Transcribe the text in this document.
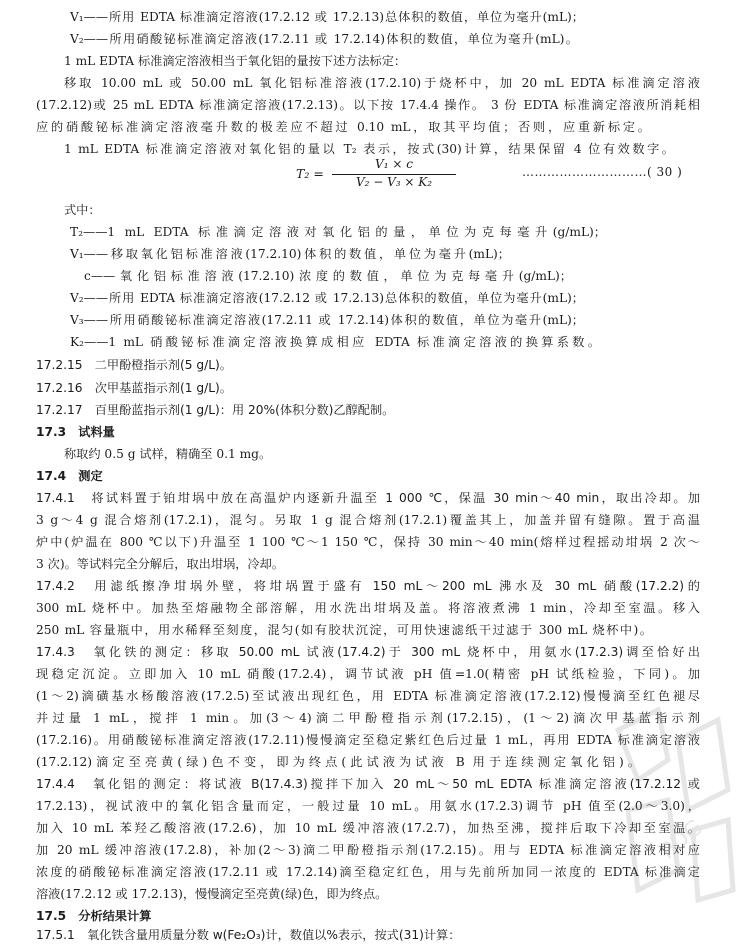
V₁——所用 EDTA 标准滴定溶液(17.2.12 或 17.2.13)总体积的数值，单位为毫升(mL)；
V₂——所用硝酸铋标准滴定溶液(17.2.11 或 17.2.14)体积的数值，单位为毫升(mL)。
1 mL EDTA 标准滴定溶液相当于氧化铝的量按下述方法标定：
移取 10.00 mL 或 50.00 mL 氧化铝标准溶液(17.2.10)于烧杯中，加 20 mL EDTA 标准滴定溶液
(17.2.12)或 25 mL EDTA 标准滴定溶液(17.2.13)。以下按 17.4.4 操作。 3 份 EDTA 标准滴定溶液所消耗相
应的硝酸铋标准滴定溶液毫升数的极差应不超过 0.10 mL，取其平均值；否则，应重新标定。
1 mL EDTA 标准滴定溶液对氧化铝的量以 T₂ 表示，按式(30)计算，结果保留 4 位有效数字。
T₂ =
V₁ × c
V₂ − V₃ × K₂
…………………………( 30 )
式中：
T₂——1 mL EDTA 标准滴定溶液对氧化铝的量，单位为克每毫升(g/mL)；
V₁——移取氧化铝标准溶液(17.2.10)体积的数值，单位为毫升(mL)；
c——氧化铝标准溶液(17.2.10)浓度的数值，单位为克每毫升(g/mL)；
V₂——所用 EDTA 标准滴定溶液(17.2.12 或 17.2.13)总体积的数值，单位为毫升(mL)；
V₃——所用硝酸铋标准滴定溶液(17.2.11 或 17.2.14)体积的数值，单位为毫升(mL)；
K₂——1 mL 硝酸铋标准滴定溶液换算成相应 EDTA 标准滴定溶液的换算系数。
17.2.15　二甲酚橙指示剂(5 g/L)。
17.2.16　次甲基蓝指示剂(1 g/L)。
17.2.17　百里酚蓝指示剂(1 g/L)：用 20%(体积分数)乙醇配制。
17.3　试料量
称取约 0.5 g 试样，精确至 0.1 mg。
17.4　测定
17.4.1　将试料置于铂坩埚中放在高温炉内逐新升温至 1 000 ℃，保温 30 min～40 min，取出冷却。加
3 g～4 g 混合熔剂(17.2.1)，混匀。另取 1 g 混合熔剂(17.2.1)覆盖其上，加盖并留有缝隙。置于高温
炉中(炉温在 800 ℃以下)升温至 1 100 ℃～1 150 ℃，保持 30 min～40 min(熔样过程摇动坩埚 2 次～
3 次)。等试料完全分解后，取出坩埚，冷却。
17.4.2　用滤纸擦净坩埚外壁，将坩埚置于盛有 150 mL～200 mL 沸水及 30 mL 硝酸(17.2.2)的
300 mL 烧杯中。加热至熔融物全部溶解，用水洗出坩埚及盖。将溶液煮沸 1 min，冷却至室温。移入
250 mL 容量瓶中，用水稀释至刻度，混匀(如有胶状沉淀，可用快速滤纸干过滤于 300 mL 烧杯中)。
17.4.3　氧化铁的测定：移取 50.00 mL 试液(17.4.2)于 300 mL 烧杯中，用氨水(17.2.3)调至恰好出
现稳定沉淀。立即加入 10 mL 硝酸(17.2.4)，调节试液 pH 值=1.0(精密 pH 试纸检验，下同)。加
(1～2)滴磺基水杨酸溶液(17.2.5)至试液出现红色，用 EDTA 标准滴定溶液(17.2.12)慢慢滴至红色褪尽
并过量 1 mL，搅拌 1 min。加(3～4)滴二甲酚橙指示剂(17.2.15)，(1～2)滴次甲基蓝指示剂
(17.2.16)。用硝酸铋标准滴定溶液(17.2.11)慢慢滴定至稳定紫红色后过量 1 mL，再用 EDTA 标准滴定溶液
(17.2.12)滴定至亮黄(绿)色不变，即为终点(此试液为试液 B 用于连续测定氧化铝)。
17.4.4　氧化铝的测定：将试液 B(17.4.3)搅拌下加入 20 mL～50 mL EDTA 标准滴定溶液(17.2.12 或
17.2.13)，视试液中的氧化铝含量而定，一般过量 10 mL。用氨水(17.2.3)调节 pH 值至(2.0～3.0)，
加入 10 mL 苯羟乙酸溶液(17.2.6)，加 10 mL 缓冲溶液(17.2.7)，加热至沸，搅拌后取下冷却至室温。
加 20 mL 缓冲溶液(17.2.8)，补加(2～3)滴二甲酚橙指示剂(17.2.15)。用与 EDTA 标准滴定溶液相对应
浓度的硝酸铋标准滴定溶液(17.2.11 或 17.2.14)滴至稳定红色，用与先前所加同一浓度的 EDTA 标准滴定
溶液(17.2.12 或 17.2.13)，慢慢滴定至亮黄(绿)色，即为终点。
17.5　分析结果计算
17.5.1　氧化铁含量用质量分数 w(Fe₂O₃)计，数值以%表示，按式(31)计算：
PDG
